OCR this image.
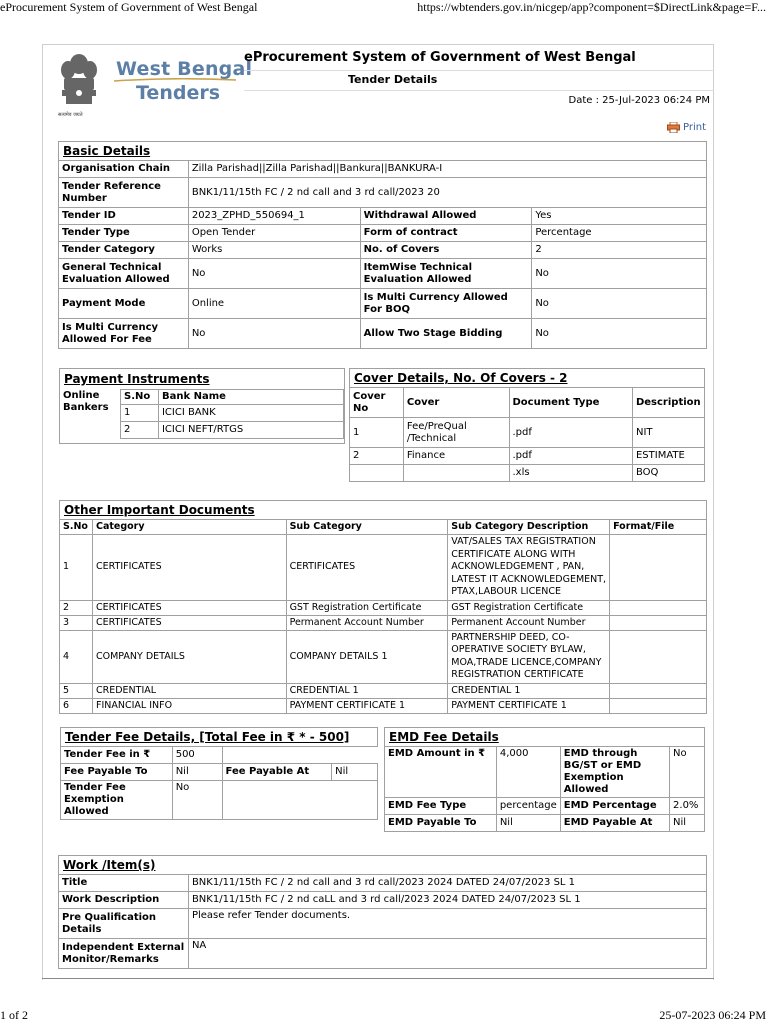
eProcurement System of Government of West Bengal	https://wbtenders.gov.in/nicgep/app?component=$DirectLink&page=F...
1 of 2	25-07-2023 06:24 PM
सत्यमेव जयते
West Bengal
Tenders
eProcurement System of Government of West Bengal
Tender Details
Date : 25-Jul-2023 06:24 PM
Print
Basic Details			
Organisation Chain	Zilla Parishad||Zilla Parishad||Bankura||BANKURA-I		
Tender Reference Number	BNK1/11/15th FC / 2 nd call and 3 rd call/2023 20		
Tender ID	2023_ZPHD_550694_1	Withdrawal Allowed	Yes
Tender Type	Open Tender	Form of contract	Percentage
Tender Category	Works	No. of Covers	2
General Technical Evaluation Allowed	No	ItemWise Technical Evaluation Allowed	No
Payment Mode	Online	Is Multi Currency Allowed For BOQ	No
Is Multi Currency Allowed For Fee	No	Allow Two Stage Bidding	No
Payment Instruments
Online Bankers
S.No	Bank Name
1	ICICI BANK
2	ICICI NEFT/RTGS
Cover Details, No. Of Covers - 2			
Cover No	Cover	Document Type	Description
1	Fee/PreQual /Technical	.pdf	NIT
2	Finance	.pdf	ESTIMATE
		.xls	BOQ
Other Important Documents				
S.No	Category	Sub Category	Sub Category Description	Format/File
1	CERTIFICATES	CERTIFICATES	VAT/SALES TAX REGISTRATION CERTIFICATE ALONG WITH ACKNOWLEDGEMENT , PAN, LATEST IT ACKNOWLEDGEMENT, PTAX,LABOUR LICENCE	
2	CERTIFICATES	GST Registration Certificate	GST Registration Certificate	
3	CERTIFICATES	Permanent Account Number	Permanent Account Number	
4	COMPANY DETAILS	COMPANY DETAILS 1	PARTNERSHIP DEED, CO-OPERATIVE SOCIETY BYLAW, MOA,TRADE LICENCE,COMPANY REGISTRATION CERTIFICATE	
5	CREDENTIAL	CREDENTIAL 1	CREDENTIAL 1	
6	FINANCIAL INFO	PAYMENT CERTIFICATE 1	PAYMENT CERTIFICATE 1	
Tender Fee Details, [Total Fee in ₹ * - 500]			
Tender Fee in ₹	500		
Fee Payable To	Nil	Fee Payable At	Nil
Tender Fee Exemption Allowed	No		
EMD Fee Details			
EMD Amount in ₹	4,000	EMD through BG/ST or EMD Exemption Allowed	No
EMD Fee Type	percentage	EMD Percentage	2.0%
EMD Payable To	Nil	EMD Payable At	Nil
Work /Item(s)	
Title	BNK1/11/15th FC / 2 nd call and 3 rd call/2023 2024 DATED 24/07/2023 SL 1
Work Description	BNK1/11/15th FC / 2 nd caLL and 3 rd call/2023 2024 DATED 24/07/2023 SL 1
Pre Qualification Details	Please refer Tender documents.
Independent External Monitor/Remarks	NA
